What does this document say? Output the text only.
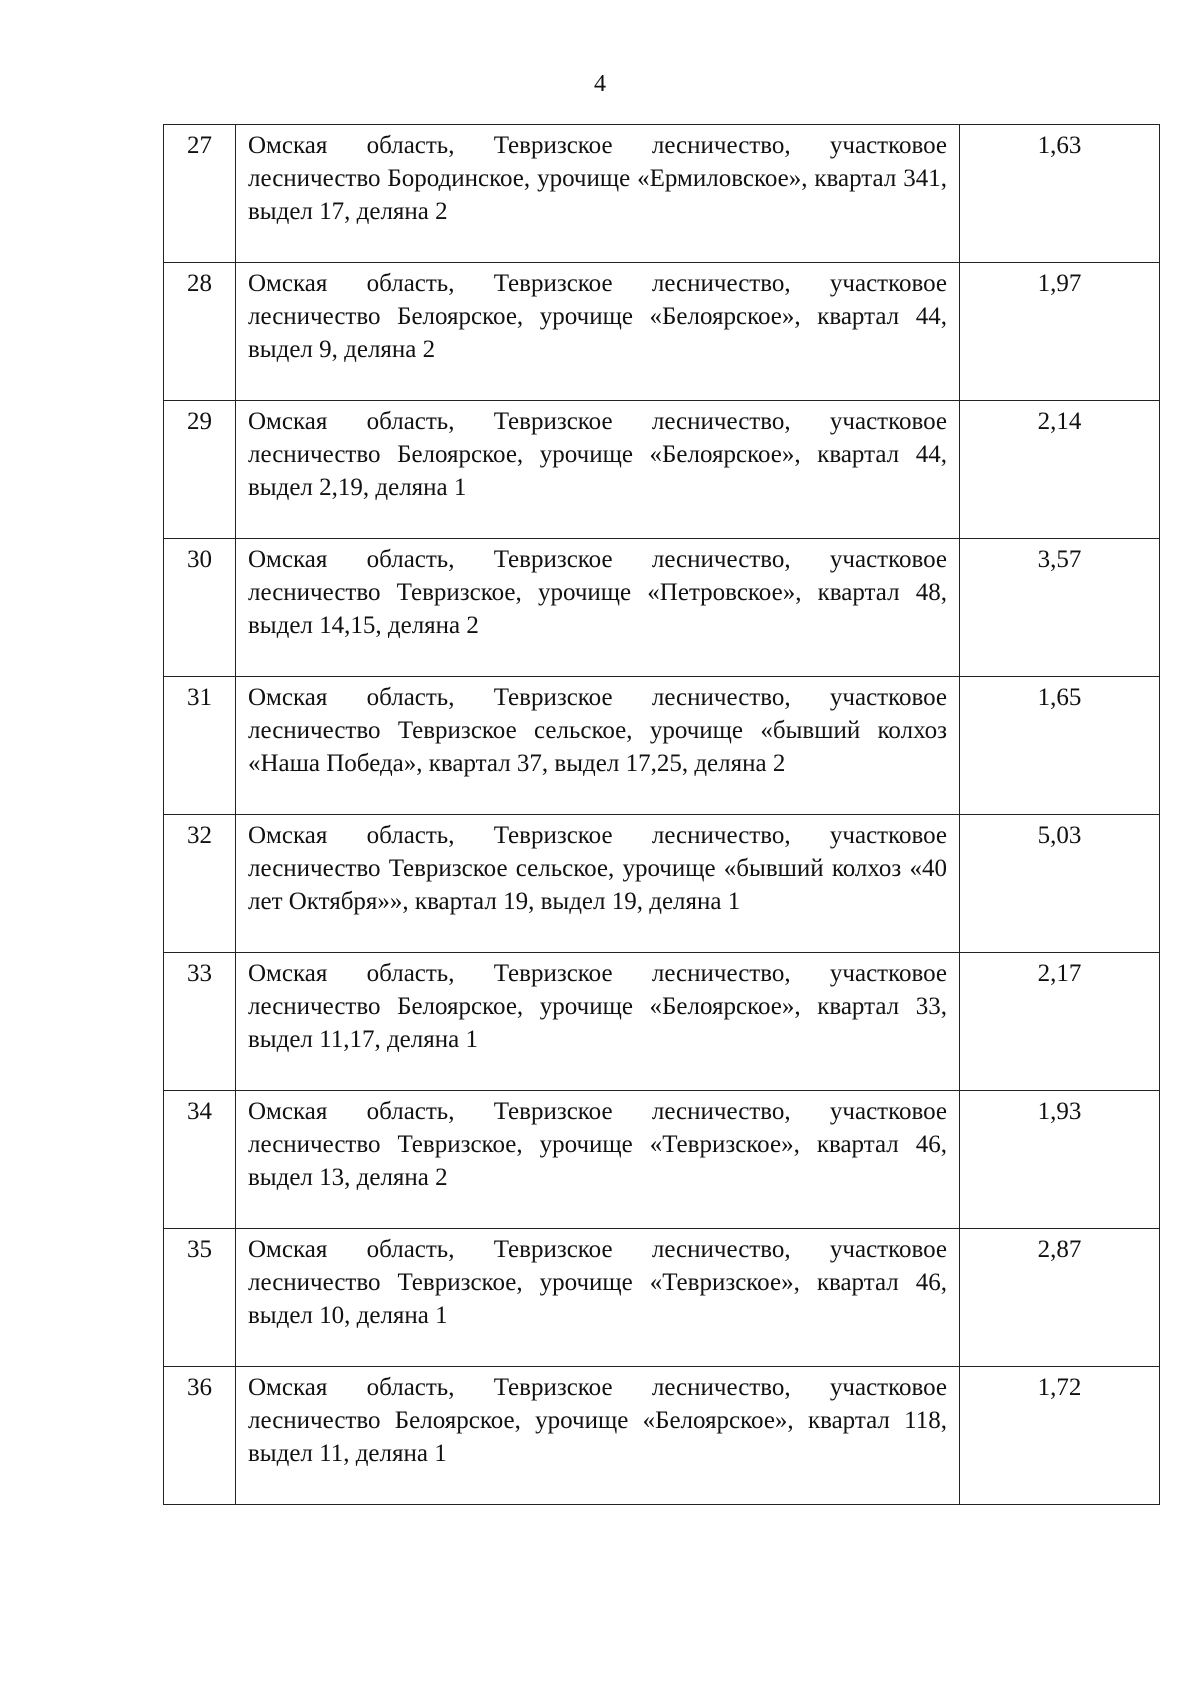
4
27	Омская область, Тевризское лесничество, участковое лесничество Бородинское, урочище «Ермиловское», квартал 341, выдел 17, деляна 2	1,63
28	Омская область, Тевризское лесничество, участковое лесничество Белоярское, урочище «Белоярское», квартал 44, выдел 9, деляна 2	1,97
29	Омская область, Тевризское лесничество, участковое лесничество Белоярское, урочище «Белоярское», квартал 44, выдел 2,19, деляна 1	2,14
30	Омская область, Тевризское лесничество, участковое лесничество Тевризское, урочище «Петровское», квартал 48, выдел 14,15, деляна 2	3,57
31	Омская область, Тевризское лесничество, участковое лесничество Тевризское сельское, урочище «бывший колхоз «Наша Победа», квартал 37, выдел 17,25, деляна 2	1,65
32	Омская область, Тевризское лесничество, участковое лесничество Тевризское сельское, урочище «бывший колхоз «40 лет Октября»», квартал 19, выдел 19, деляна 1	5,03
33	Омская область, Тевризское лесничество, участковое лесничество Белоярское, урочище «Белоярское», квартал 33, выдел 11,17, деляна 1	2,17
34	Омская область, Тевризское лесничество, участковое лесничество Тевризское, урочище «Тевризское», квартал 46, выдел 13, деляна 2	1,93
35	Омская область, Тевризское лесничество, участковое лесничество Тевризское, урочище «Тевризское», квартал 46, выдел 10, деляна 1	2,87
36	Омская область, Тевризское лесничество, участковое лесничество Белоярское, урочище «Белоярское», квартал 118, выдел 11, деляна 1	1,72
